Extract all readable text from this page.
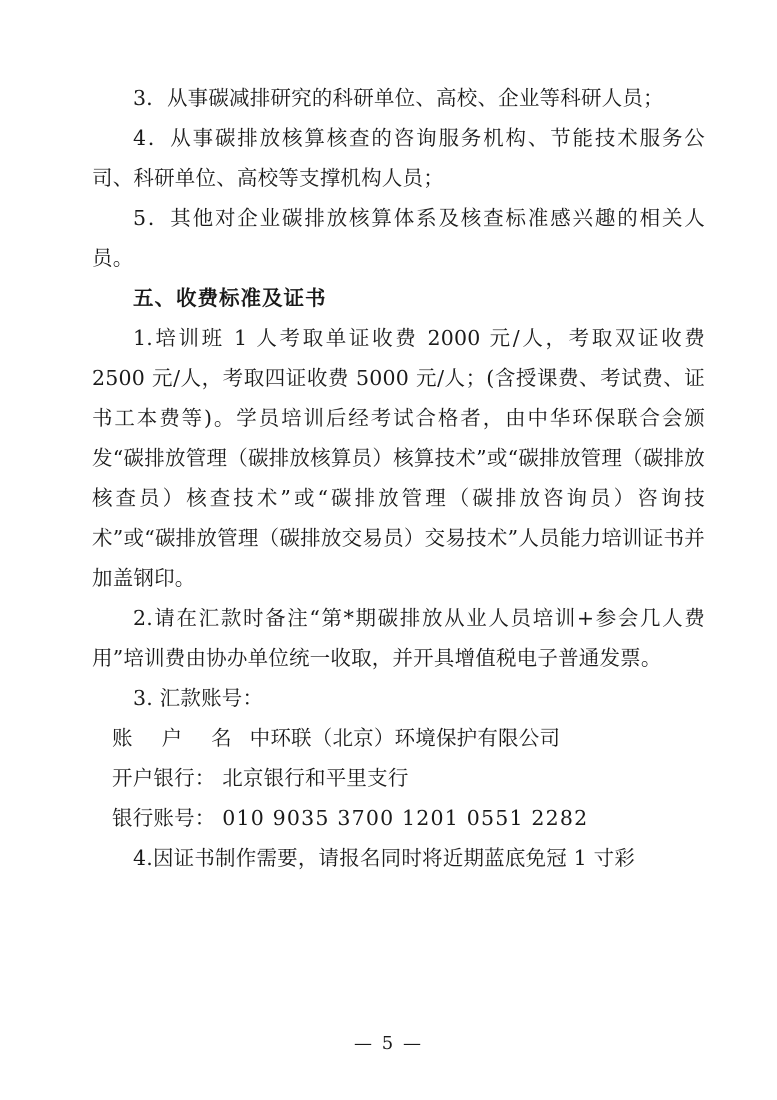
3．从事碳减排研究的科研单位、高校、企业等科研人员；

4．从事碳排放核算核查的咨询服务机构、节能技术服务公司、科研单位、高校等支撑机构人员；

5．其他对企业碳排放核算体系及核查标准感兴趣的相关人员。

五、收费标准及证书

1.培训班 1 人考取单证收费 2000 元/人，考取双证收费 2500 元/人，考取四证收费 5000 元/人；(含授课费、考试费、证书工本费等)。学员培训后经考试合格者，由中华环保联合会颁发“碳排放管理（碳排放核算员）核算技术”或“碳排放管理（碳排放核查员）核查技术”或“碳排放管理（碳排放咨询员）咨询技术”或“碳排放管理（碳排放交易员）交易技术”人员能力培训证书并加盖钢印。

2.请在汇款时备注“第*期碳排放从业人员培训+参会几人费用”培训费由协办单位统一收取，并开具增值税电子普通发票。

3. 汇款账号：

账 户 名 中环联（北京）环境保护有限公司

开户银行： 北京银行和平里支行

银行账号： 010 9035 3700 1201 0551 2282

4.因证书制作需要，请报名同时将近期蓝底免冠 1 寸彩

— 5 —
